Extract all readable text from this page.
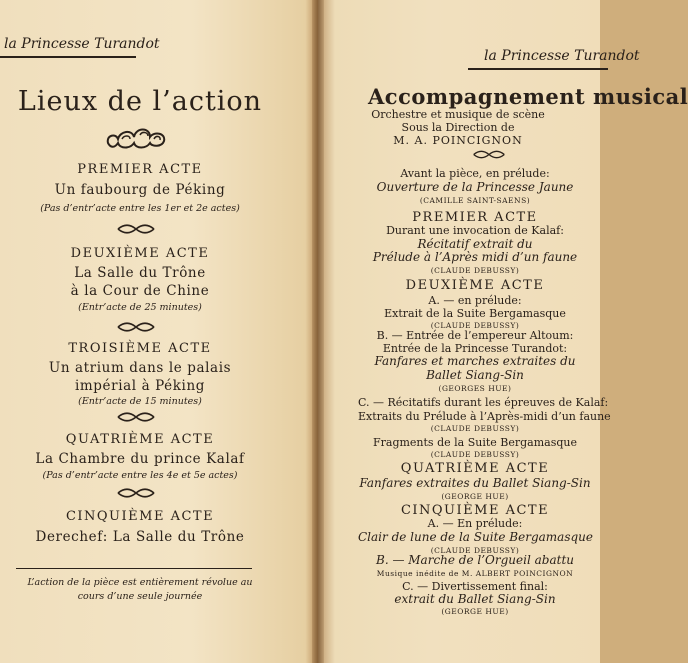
la Princesse Turandot
Lieux de l’action
PREMIER ACTE
Un faubourg de Péking
(Pas d’entr’acte entre les 1er et 2e actes)
DEUXIÈME ACTE
La Salle du Trône
à la Cour de Chine
(Entr’acte de 25 minutes)
TROISIÈME ACTE
Un atrium dans le palais
impérial à Péking
(Entr’acte de 15 minutes)
QUATRIÈME ACTE
La Chambre du prince Kalaf
(Pas d’entr’acte entre les 4e et 5e actes)
CINQUIÈME ACTE
Derechef: La Salle du Trône
L’action de la pièce est entièrement révolue au
cours d’une seule journée
la Princesse Turandot
Accompagnement musical
Orchestre et musique de scène
Sous la Direction de
M. A. POINCIGNON
Avant la pièce, en prélude:
Ouverture de la Princesse Jaune
(CAMILLE SAINT-SAENS)
PREMIER ACTE
Durant une invocation de Kalaf:
Récitatif extrait du
Prélude à l’Après midi d’un faune
(CLAUDE DEBUSSY)
DEUXIÈME ACTE
A. — en prélude:
Extrait de la Suite Bergamasque
(CLAUDE DEBUSSY)
B. — Entrée de l’empereur Altoum:
Entrée de la Princesse Turandot:
Fanfares et marches extraites du
Ballet Siang-Sin
(GEORGES HUE)
C. — Récitatifs durant les épreuves de Kalaf:
Extraits du Prélude à l’Après-midi d’un faune
(CLAUDE DEBUSSY)
Fragments de la Suite Bergamasque
(CLAUDE DEBUSSY)
QUATRIÈME ACTE
Fanfares extraites du Ballet Siang-Sin
(GEORGE HUE)
CINQUIÈME ACTE
A. — En prélude:
Clair de lune de la Suite Bergamasque
(CLAUDE DEBUSSY)
B. — Marche de l’Orgueil abattu
Musique inédite de M. ALBERT POINCIGNON
C. — Divertissement final:
extrait du Ballet Siang-Sin
(GEORGE HUE)
